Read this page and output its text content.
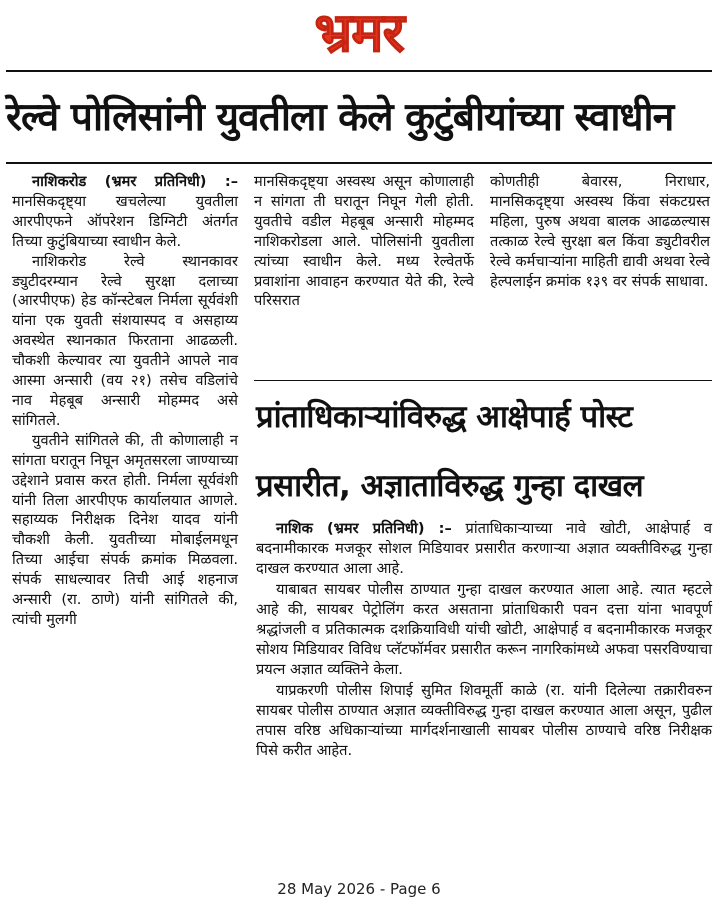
भ्रमर
रेल्वे पोलिसांनी युवतीला केले कुटुंबीयांच्या स्वाधीन

नाशिकरोड (भ्रमर प्रतिनिधी) :– मानसिकदृष्ट्या खचलेल्या युवतीला आरपीएफने ऑपरेशन डिग्निटी अंतर्गत तिच्या कुटुंबियाच्या स्वाधीन केले.

नाशिकरोड रेल्वे स्थानकावर ड्युटीदरम्यान रेल्वे सुरक्षा दलाच्या (आरपीएफ) हेड कॉन्स्टेबल निर्मला सूर्यवंशी यांना एक युवती संशयास्पद व असहाय्य अवस्थेत स्थानकात फिरताना आढळली. चौकशी केल्यावर त्या युवतीने आपले नाव आस्मा अन्सारी (वय २१) तसेच वडिलांचे नाव मेहबूब अन्सारी मोहम्मद असे सांगितले.

युवतीने सांगितले की, ती कोणालाही न सांगता घरातून निघून अमृतसरला जाण्याच्या उद्देशाने प्रवास करत होती. निर्मला सूर्यवंशी यांनी तिला आरपीएफ कार्यालयात आणले. सहाय्यक निरीक्षक दिनेश यादव यांनी चौकशी केली. युवतीच्या मोबाईलमधून तिच्या आईचा संपर्क क्रमांक मिळवला. संपर्क साधल्यावर तिची आई शहनाज अन्सारी (रा. ठाणे) यांनी सांगितले की, त्यांची मुलगी

मानसिकदृष्ट्या अस्वस्थ असून कोणालाही न सांगता ती घरातून निघून गेली होती. युवतीचे वडील मेहबूब अन्सारी मोहम्मद नाशिकरोडला आले. पोलिसांनी युवतीला त्यांच्या स्वाधीन केले. मध्य रेल्वेतर्फे प्रवाशांना आवाहन करण्यात येते की, रेल्वे परिसरात

कोणतीही बेवारस, निराधार, मानसिकदृष्ट्या अस्वस्थ किंवा संकटग्रस्त महिला, पुरुष अथवा बालक आढळल्यास तत्काळ रेल्वे सुरक्षा बल किंवा ड्युटीवरील रेल्वे कर्मचाऱ्यांना माहिती द्यावी अथवा रेल्वे हेल्पलाईन क्रमांक १३९ वर संपर्क साधावा.

प्रांताधिकाऱ्यांविरुद्ध आक्षेपार्ह पोस्ट
प्रसारीत, अज्ञाताविरुद्ध गुन्हा दाखल

नाशिक (भ्रमर प्रतिनिधी) :– प्रांताधिकाऱ्याच्या नावे खोटी, आक्षेपार्ह व बदनामीकारक मजकूर सोशल मिडियावर प्रसारीत करणाऱ्या अज्ञात व्यक्तीविरुद्ध गुन्हा दाखल करण्यात आला आहे.

याबाबत सायबर पोलीस ठाण्यात गुन्हा दाखल करण्यात आला आहे. त्यात म्हटले आहे की, सायबर पेट्रोलिंग करत असताना प्रांताधिकारी पवन दत्ता यांना भावपूर्ण श्रद्धांजली व प्रतिकात्मक दशक्रियाविधी यांची खोटी, आक्षेपार्ह व बदनामीकारक मजकूर सोशय मिडियावर विविध प्लॅटफॉर्मवर प्रसारीत करून नागरिकांमध्ये अफवा पसरविण्याचा प्रयत्न अज्ञात व्यक्तिने केला.

याप्रकरणी पोलीस शिपाई सुमित शिवमूर्ती काळे (रा. यांनी दिलेल्या तक्रारीवरुन सायबर पोलीस ठाण्यात अज्ञात व्यक्तीविरुद्ध गुन्हा दाखल करण्यात आला असून, पुढील तपास वरिष्ठ अधिकाऱ्यांच्या मार्गदर्शनाखाली सायबर पोलीस ठाण्याचे वरिष्ठ निरीक्षक पिसे करीत आहेत.

28 May 2026 - Page 6
